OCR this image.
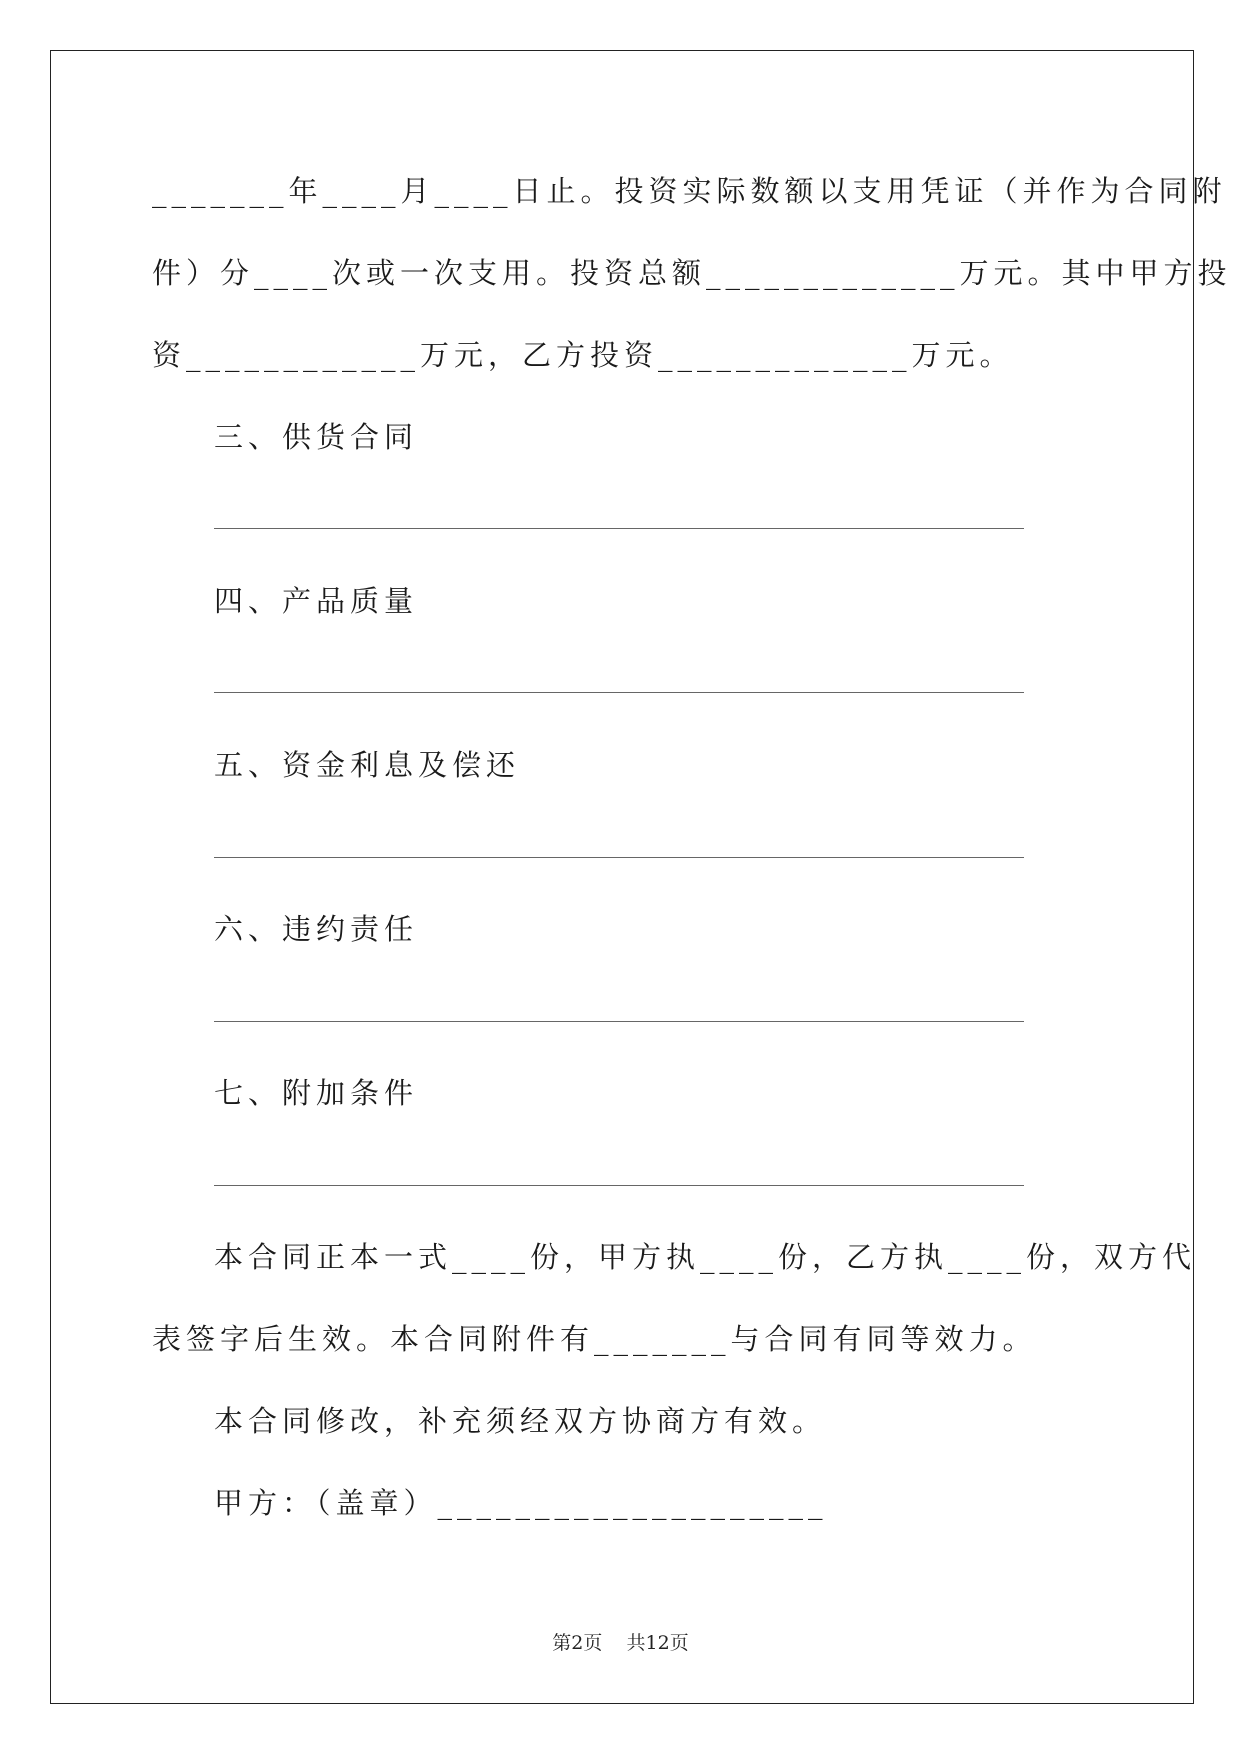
_______年____月____日止。投资实际数额以支用凭证（并作为合同附
件）分____次或一次支用。投资总额_____________万元。其中甲方投
资____________万元，乙方投资_____________万元。
三、供货合同
四、产品质量
五、资金利息及偿还
六、违约责任
七、附加条件
本合同正本一式____份，甲方执____份，乙方执____份，双方代
表签字后生效。本合同附件有_______与合同有同等效力。
本合同修改，补充须经双方协商方有效。
甲方：（盖章）____________________
第2页    共12页
